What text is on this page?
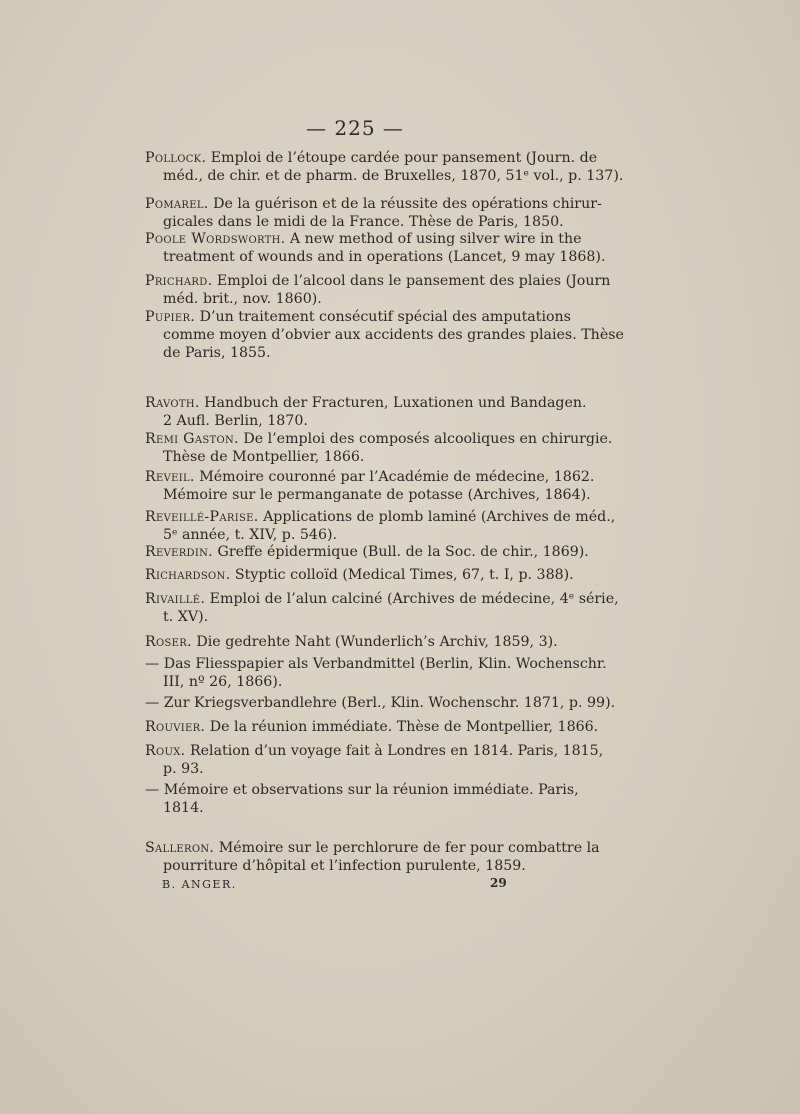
— 225 —
Pollock. Emploi de l’étoupe cardée pour pansement (Journ. de
méd., de chir. et de pharm. de Bruxelles, 1870, 51ᵉ vol., p. 137).
Pomarel. De la guérison et de la réussite des opérations chirur-
gicales dans le midi de la France. Thèse de Paris, 1850.
Poole Wordsworth. A new method of using silver wire in the
treatment of wounds and in operations (Lancet, 9 may 1868).
Prichard. Emploi de l’alcool dans le pansement des plaies (Journ
méd. brit., nov. 1860).
Pupier. D’un traitement consécutif spécial des amputations
comme moyen d’obvier aux accidents des grandes plaies. Thèse
de Paris, 1855.
Ravoth. Handbuch der Fracturen, Luxationen und Bandagen.
2 Aufl. Berlin, 1870.
Remi Gaston. De l’emploi des composés alcooliques en chirurgie.
Thèse de Montpellier, 1866.
Reveil. Mémoire couronné par l’Académie de médecine, 1862.
Mémoire sur le permanganate de potasse (Archives, 1864).
Reveillé-Parise. Applications de plomb laminé (Archives de méd.,
5ᵉ année, t. XIV, p. 546).
Reverdin. Greffe épidermique (Bull. de la Soc. de chir., 1869).
Richardson. Styptic colloïd (Medical Times, 67, t. I, p. 388).
Rivaillé. Emploi de l’alun calciné (Archives de médecine, 4ᵉ série,
t. XV).
Roser. Die gedrehte Naht (Wunderlich’s Archiv, 1859, 3).
— Das Fliesspapier als Verbandmittel (Berlin, Klin. Wochenschr.
III, nº 26, 1866).
— Zur Kriegsverbandlehre (Berl., Klin. Wochenschr. 1871, p. 99).
Rouvier. De la réunion immédiate. Thèse de Montpellier, 1866.
Roux. Relation d’un voyage fait à Londres en 1814. Paris, 1815,
p. 93.
— Mémoire et observations sur la réunion immédiate. Paris,
1814.
Salleron. Mémoire sur le perchlorure de fer pour combattre la
pourriture d’hôpital et l’infection purulente, 1859.
B. ANGER.	29
